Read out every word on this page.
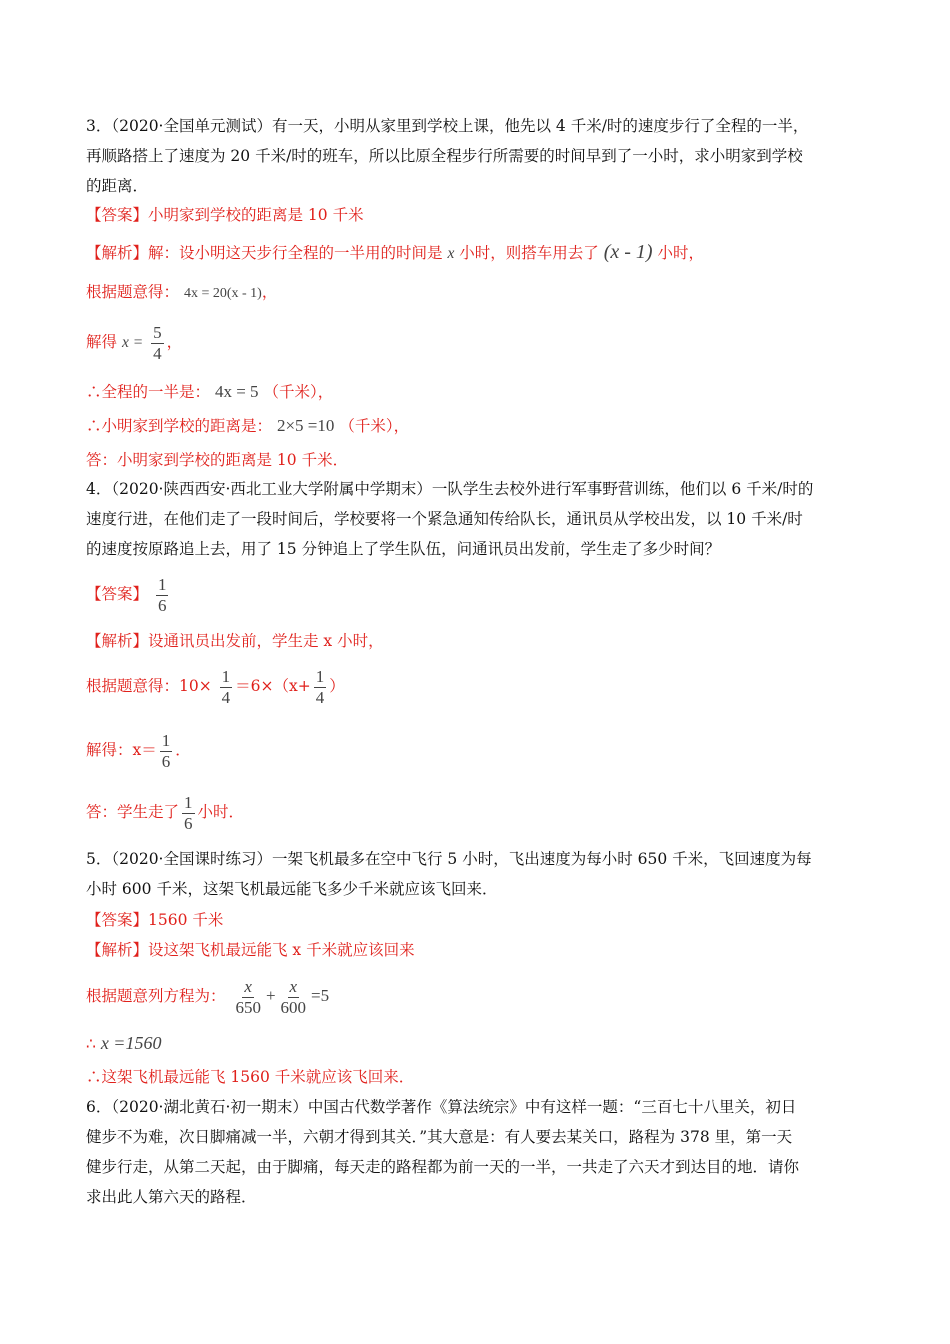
3．（2020·全国单元测试）有一天，小明从家里到学校上课，他先以 4 千米/时的速度步行了全程的一半，
再顺路搭上了速度为 20 千米/时的班车，所以比原全程步行所需要的时间早到了一小时，求小明家到学校
的距离．
【答案】小明家到学校的距离是 10 千米
【解析】解：设小明这天步行全程的一半用的时间是 x 小时，则搭车用去了 (x - 1) 小时，
根据题意得： 4x = 20(x - 1)，
解得 $x = \frac{5}{4}$ ，
∴全程的一半是： 4x = 5 （千米），
∴小明家到学校的距离是： 2×5 =10 （千米），
答：小明家到学校的距离是 10 千米．
4．（2020·陕西西安·西北工业大学附属中学期末）一队学生去校外进行军事野营训练，他们以 6 千米/时的
速度行进，在他们走了一段时间后，学校要将一个紧急通知传给队长，通讯员从学校出发，以 10 千米/时
的速度按原路追上去，用了 15 分钟追上了学生队伍，问通讯员出发前，学生走了多少时间？
【答案】 $\frac{1}{6}$
【解析】设通讯员出发前，学生走 x 小时，
根据题意得：$10\times \frac{1}{4} =6\times(x+ \frac{1}{4}$ ）
解得：$x= \frac{1}{6}$ ．
答：学生走了 $\frac{1}{6}$ 小时．
5．（2020·全国课时练习）一架飞机最多在空中飞行 5 小时，飞出速度为每小时 650 千米，飞回速度为每
小时 600 千米，这架飞机最远能飞多少千米就应该飞回来．
【答案】1560 千米
【解析】设这架飞机最远能飞 x 千米就应该回来
根据题意列方程为： $\frac{x}{650} + \frac{x}{600} =5$
∴ x =1560
∴这架飞机最远能飞 1560 千米就应该飞回来．
6．（2020·湖北黄石·初一期末）中国古代数学著作《算法统宗》中有这样一题：“三百七十八里关，初日
健步不为难，次日脚痛减一半，六朝才得到其关．”其大意是：有人要去某关口，路程为 378 里，第一天
健步行走，从第二天起，由于脚痛，每天走的路程都为前一天的一半，一共走了六天才到达目的地．请你
求出此人第六天的路程．
